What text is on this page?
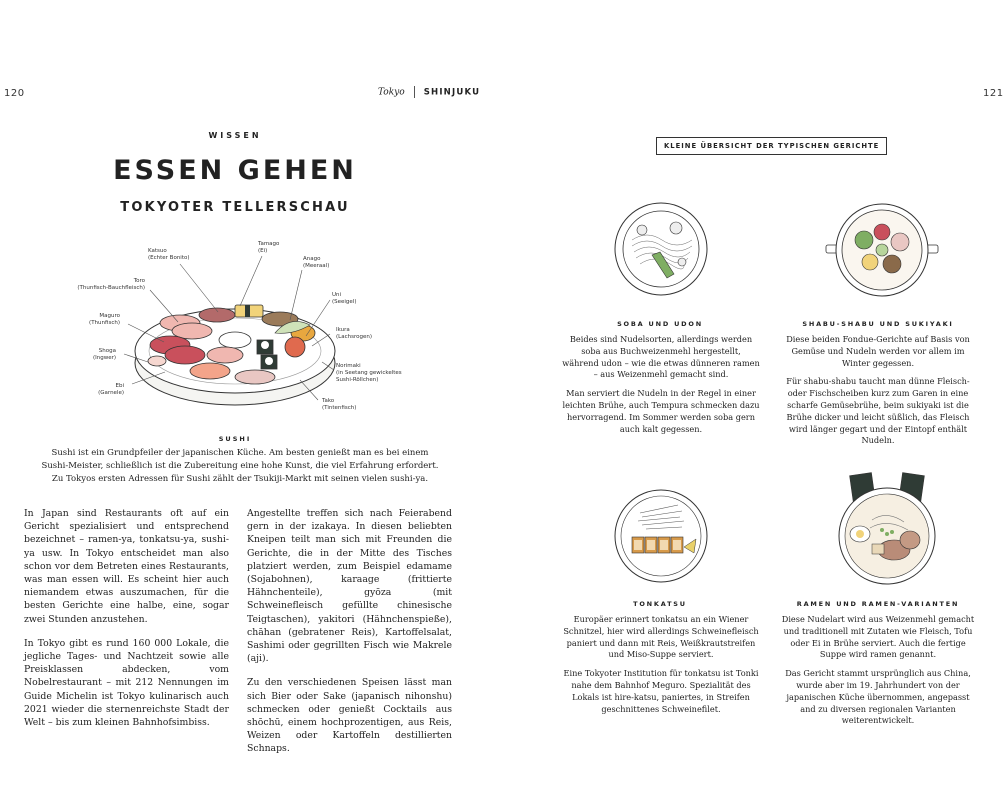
120
WISSEN
ESSEN GEHEN
TOKYOTER TELLERSCHAU
Katsuo
(Echter Bonito)
Tamago
(Ei)
Anago
(Meeraal)
Toro
(Thunfisch-Bauchfleisch)
Uni
(Seeigel)
Maguro
(Thunfisch)
Ikura
(Lachsrogen)
Shoga
(Ingwer)
Norimaki
(in Seetang gewickeltes
Sushi-Röllchen)
Ebi
(Garnele)
Tako
(Tintenfisch)
SUSHI
Sushi ist ein Grundpfeiler der japanischen Küche. Am besten genießt man es bei einem
Sushi-Meister, schließlich ist die Zubereitung eine hohe Kunst, die viel Erfahrung erfordert.
Zu Tokyos ersten Adressen für Sushi zählt der Tsukiji-Markt mit seinen vielen sushi-ya.

In Japan sind Restaurants oft auf ein Gericht spezialisiert und entsprechend bezeichnet – ramen-ya, tonkatsu-ya, sushi-ya usw. In Tokyo entscheidet man also schon vor dem Betreten eines Restaurants, was man essen will. Es scheint hier auch niemandem etwas auszumachen, für die besten Gerichte eine halbe, eine, sogar zwei Stunden anzustehen.

In Tokyo gibt es rund 160 000 Lokale, die jegliche Tages- und Nachtzeit sowie alle Preisklassen abdecken, vom Nobelrestaurant – mit 212 Nennungen im Guide Michelin ist Tokyo kulinarisch auch 2021 wieder die sternenreichste Stadt der Welt – bis zum kleinen Bahnhofsimbiss.

Angestellte treffen sich nach Feierabend gern in der izakaya. In diesen beliebten Kneipen teilt man sich mit Freunden die Gerichte, die in der Mitte des Tisches platziert werden, zum Beispiel edamame (Sojabohnen), karaage (frittierte Hähnchenteile), gyōza (mit Schweinefleisch gefüllte chinesische Teigtaschen), yakitori (Hähnchenspieße), chāhan (gebratener Reis), Kartoffelsalat, Sashimi oder gegrillten Fisch wie Makrele (aji).

Zu den verschiedenen Speisen lässt man sich Bier oder Sake (japanisch nihonshu) schmecken oder genießt Cocktails aus shōchū, einem hochprozentigen, aus Reis, Weizen oder Kartoffeln destillierten Schnaps.

Tokyo SHINJUKU	121
KLEINE ÜBERSICHT DER TYPISCHEN GERICHTE
SOBA UND UDON

Beides sind Nudelsorten, allerdings werden soba aus Buchweizenmehl hergestellt, während udon – wie die etwas dünneren ramen – aus Weizenmehl gemacht sind.

Man serviert die Nudeln in der Regel in einer leichten Brühe, auch Tempura schmecken dazu hervorragend. Im Sommer werden soba gern auch kalt gegessen.

SHABU-SHABU UND SUKIYAKI

Diese beiden Fondue-Gerichte auf Basis von Gemüse und Nudeln werden vor allem im Winter gegessen.

Für shabu-shabu taucht man dünne Fleisch- oder Fischscheiben kurz zum Garen in eine scharfe Gemüsebrühe, beim sukiyaki ist die Brühe dicker und leicht süßlich, das Fleisch wird länger gegart und der Eintopf enthält Nudeln.

TONKATSU

Europäer erinnert tonkatsu an ein Wiener Schnitzel, hier wird allerdings Schweinefleisch paniert und dann mit Reis, Weißkrautstreifen und Miso-Suppe serviert.

Eine Tokyoter Institution für tonkatsu ist Tonki nahe dem Bahnhof Meguro. Spezialität des Lokals ist hire-katsu, paniertes, in Streifen geschnittenes Schweinefilet.

RAMEN UND RAMEN-VARIANTEN

Diese Nudelart wird aus Weizenmehl gemacht und traditionell mit Zutaten wie Fleisch, Tofu oder Ei in Brühe serviert. Auch die fertige Suppe wird ramen genannt.

Das Gericht stammt ursprünglich aus China, wurde aber im 19. Jahrhundert von der japanischen Küche übernommen, angepasst and zu diversen regionalen Varianten weiterentwickelt.
